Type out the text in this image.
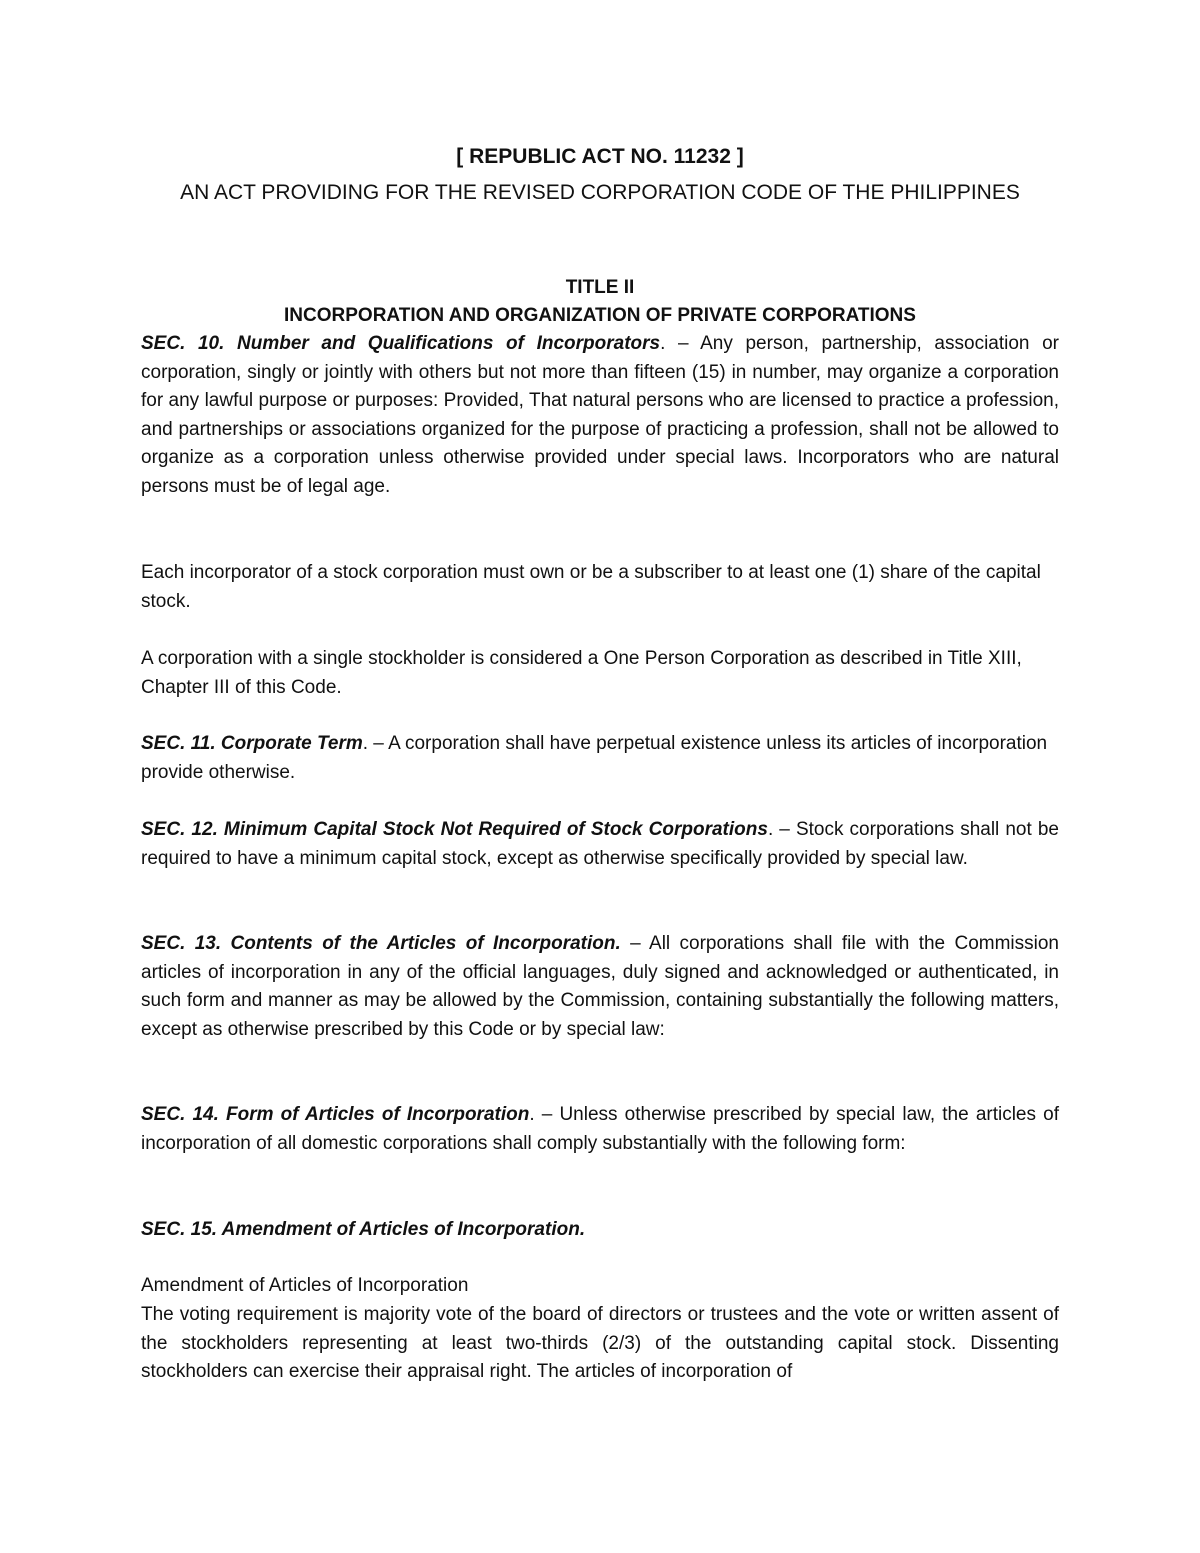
[ REPUBLIC ACT NO. 11232 ]
AN ACT PROVIDING FOR THE REVISED CORPORATION CODE OF THE PHILIPPINES
TITLE II
INCORPORATION AND ORGANIZATION OF PRIVATE CORPORATIONS
SEC. 10. Number and Qualifications of Incorporators. – Any person, partnership, association or corporation, singly or jointly with others but not more than fifteen (15) in number, may organize a corporation for any lawful purpose or purposes: Provided, That natural persons who are licensed to practice a profession, and partnerships or associations organized for the purpose of practicing a profession, shall not be allowed to organize as a corporation unless otherwise provided under special laws. Incorporators who are natural persons must be of legal age.
Each incorporator of a stock corporation must own or be a subscriber to at least one (1) share of the capital stock.
A corporation with a single stockholder is considered a One Person Corporation as described in Title XIII, Chapter III of this Code.
SEC. 11. Corporate Term. – A corporation shall have perpetual existence unless its articles of incorporation provide otherwise.
SEC. 12. Minimum Capital Stock Not Required of Stock Corporations. – Stock corporations shall not be required to have a minimum capital stock, except as otherwise specifically provided by special law.
SEC. 13. Contents of the Articles of Incorporation. – All corporations shall file with the Commission articles of incorporation in any of the official languages, duly signed and acknowledged or authenticated, in such form and manner as may be allowed by the Commission, containing substantially the following matters, except as otherwise prescribed by this Code or by special law:
SEC. 14. Form of Articles of Incorporation. – Unless otherwise prescribed by special law, the articles of incorporation of all domestic corporations shall comply substantially with the following form:
SEC. 15. Amendment of Articles of Incorporation.
Amendment of Articles of Incorporation
The voting requirement is majority vote of the board of directors or trustees and the vote or written assent of the stockholders representing at least two-thirds (2/3) of the outstanding capital stock. Dissenting stockholders can exercise their appraisal right. The articles of incorporation of
